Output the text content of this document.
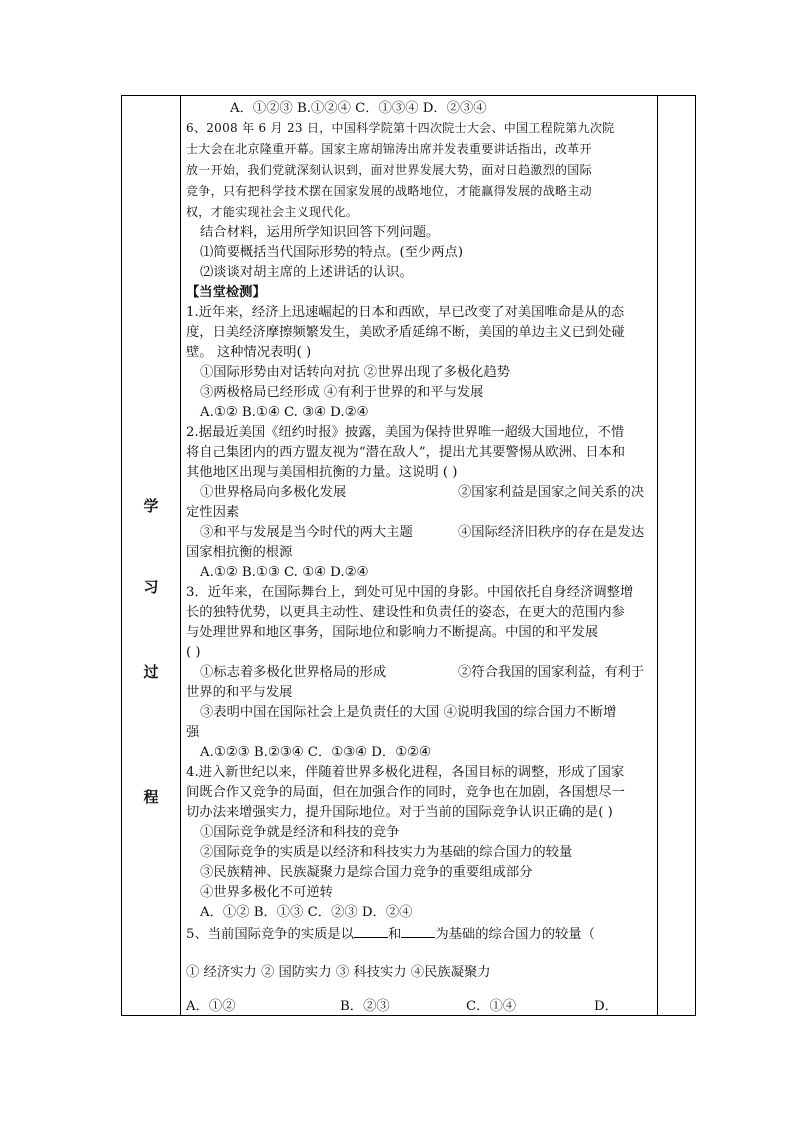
学
习
过
程
A．①②③ B.①②④ C．①③④ D．②③④
6、2008 年 6 月 23 日，中国科学院第十四次院士大会、中国工程院第九次院
士大会在北京隆重开幕。国家主席胡锦涛出席并发表重要讲话指出，改革开
放一开始，我们党就深刻认识到，面对世界发展大势，面对日趋激烈的国际
竞争，只有把科学技术摆在国家发展的战略地位，才能赢得发展的战略主动
权，才能实现社会主义现代化。
结合材料，运用所学知识回答下列问题。
⑴简要概括当代国际形势的特点。(至少两点)
⑵谈谈对胡主席的上述讲话的认识。
【当堂检测】
1.近年来，经济上迅速崛起的日本和西欧，早已改变了对美国唯命是从的态
度，日美经济摩擦频繁发生，美欧矛盾延绵不断，美国的单边主义已到处碰
壁。 这种情况表明( )
①国际形势由对话转向对抗 ②世界出现了多极化趋势
③两极格局已经形成 ④有利于世界的和平与发展
A.①② B.①④ C. ③④ D.②④
2.据最近美国《纽约时报》披露，美国为保持世界唯一超级大国地位，不惜
将自己集团内的西方盟友视为“潜在敌人”，提出尤其要警惕从欧洲、日本和
其他地区出现与美国相抗衡的力量。这说明 ( )
①世界格局向多极化发展	②国家利益是国家之间关系的决
定性因素
③和平与发展是当今时代的两大主题	④国际经济旧秩序的存在是发达
国家相抗衡的根源
A.①② B.①③ C. ①④ D.②④
3．近年来，在国际舞台上，到处可见中国的身影。中国依托自身经济调整增
长的独特优势，以更具主动性、建设性和负责任的姿态，在更大的范围内参
与处理世界和地区事务，国际地位和影响力不断提高。中国的和平发展
( )
①标志着多极化世界格局的形成	②符合我国的国家利益，有利于
世界的和平与发展
③表明中国在国际社会上是负责任的大国 ④说明我国的综合国力不断增
强
A.①②③ B.②③④ C．①③④ D．①②④
4.进入新世纪以来，伴随着世界多极化进程，各国目标的调整，形成了国家
间既合作又竞争的局面，但在加强合作的同时，竞争也在加剧，各国想尽一
切办法来增强实力，提升国际地位。对于当前的国际竞争认识正确的是( )
①国际竞争就是经济和科技的竞争
②国际竞争的实质是以经济和科技实力为基础的综合国力的较量
③民族精神、民族凝聚力是综合国力竞争的重要组成部分
④世界多极化不可逆转
A．①② B．①③ C．②③ D．②④
5、当前国际竞争的实质是以	和	为基础的综合国力的较量（
① 经济实力 ② 国防实力 ③ 科技实力 ④民族凝聚力
A．①②	B．②③	C．①④	D．
